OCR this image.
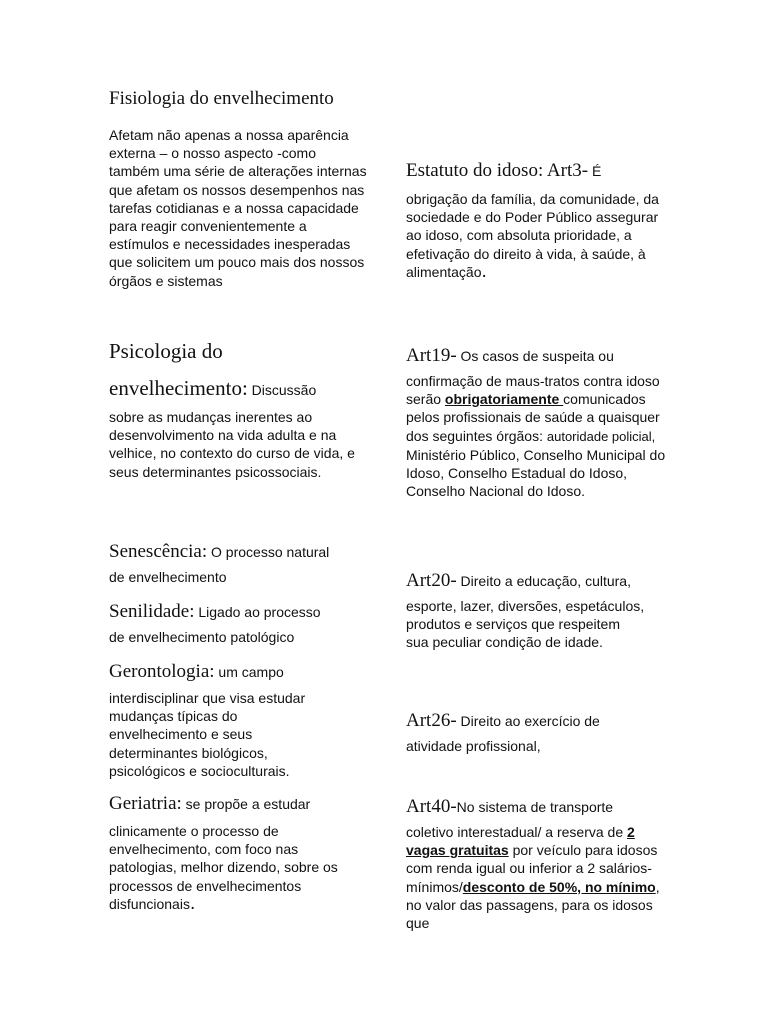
Fisiologia do envelhecimento

Afetam não apenas a nossa aparência externa – o nosso aspecto -como também uma série de alterações internas que afetam os nossos desempenhos nas tarefas cotidianas e a nossa capacidade para reagir convenientemente a estímulos e necessidades inesperadas que solicitem um pouco mais dos nossos órgãos e sistemas

Psicologia do

envelhecimento: Discussão

sobre as mudanças inerentes ao desenvolvimento na vida adulta e na velhice, no contexto do curso de vida, e seus determinantes psicossociais.

Senescência: O processo natural

de envelhecimento

Senilidade: Ligado ao processo

de envelhecimento patológico

Gerontologia: um campo

interdisciplinar que visa estudar mudanças típicas do envelhecimento e seus determinantes biológicos, psicológicos e socioculturais.

Geriatria: se propõe a estudar

clinicamente o processo de envelhecimento, com foco nas patologias, melhor dizendo, sobre os processos de envelhecimentos disfuncionais.

Estatuto do idoso: Art3- É

obrigação da família, da comunidade, da sociedade e do Poder Público assegurar ao idoso, com absoluta prioridade, a efetivação do direito à vida, à saúde, à alimentação.

Art19- Os casos de suspeita ou

confirmação de maus-tratos contra idoso serão obrigatoriamente comunicados pelos profissionais de saúde a quaisquer dos seguintes órgãos: autoridade policial, Ministério Público, Conselho Municipal do Idoso, Conselho Estadual do Idoso, Conselho Nacional do Idoso.

Art20- Direito a educação, cultura,

esporte, lazer, diversões, espetáculos, produtos e serviços que respeitem sua peculiar condição de idade.

Art26- Direito ao exercício de

atividade profissional,

Art40-No sistema de transporte

coletivo interestadual/ a reserva de 2 vagas gratuitas por veículo para idosos com renda igual ou inferior a 2 salários-mínimos/desconto de 50%, no mínimo, no valor das passagens, para os idosos que
